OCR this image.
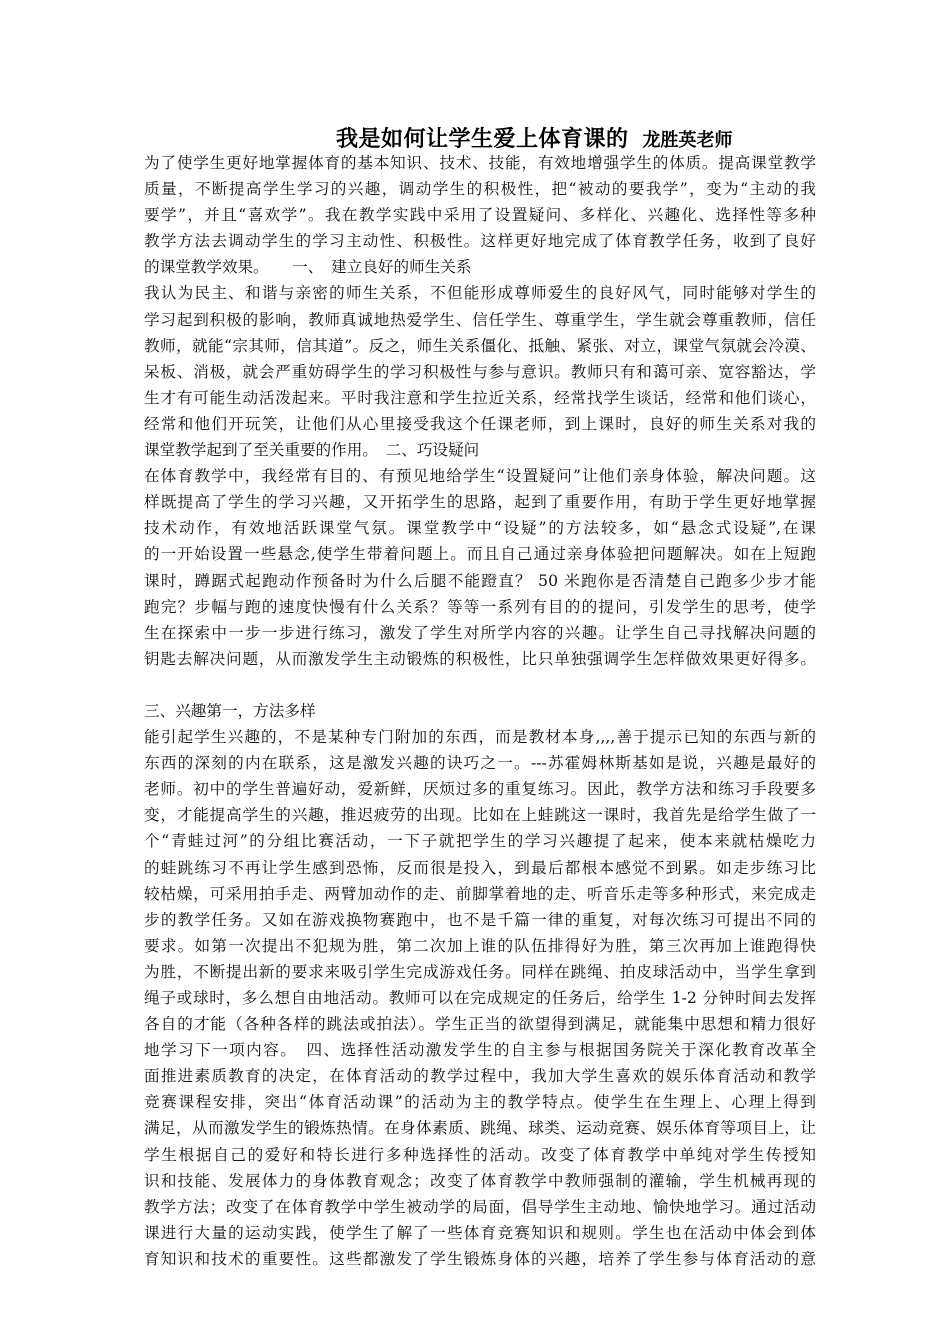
我是如何让学生爱上体育课的 龙胜英老师
为了使学生更好地掌握体育的基本知识、技术、技能，有效地增强学生的体质。提高课堂教学
质量，不断提高学生学习的兴趣，调动学生的积极性，把“被动的要我学”，变为“主动的我
要学”，并且“喜欢学”。我在教学实践中采用了设置疑问、多样化、兴趣化、选择性等多种
教学方法去调动学生的学习主动性、积极性。这样更好地完成了体育教学任务，收到了良好
的课堂教学效果。　　一、　建立良好的师生关系
我认为民主、和谐与亲密的师生关系，不但能形成尊师爱生的良好风气，同时能够对学生的
学习起到积极的影响，教师真诚地热爱学生、信任学生、尊重学生，学生就会尊重教师，信任
教师，就能“宗其师，信其道”。反之，师生关系僵化、抵触、紧张、对立，课堂气氛就会冷漠、
呆板、消极，就会严重妨碍学生的学习积极性与参与意识。教师只有和蔼可亲、宽容豁达，学
生才有可能生动活泼起来。平时我注意和学生拉近关系，经常找学生谈话，经常和他们谈心，
经常和他们开玩笑，让他们从心里接受我这个任课老师，到上课时，良好的师生关系对我的
课堂教学起到了至关重要的作用。　二、巧设疑问
在体育教学中，我经常有目的、有预见地给学生“设置疑问”让他们亲身体验，解决问题。这
样既提高了学生的学习兴趣，又开拓学生的思路，起到了重要作用，有助于学生更好地掌握
技术动作，有效地活跃课堂气氛。课堂教学中“设疑”的方法较多，如“悬念式设疑”,在课
的一开始设置一些悬念,使学生带着问题上。而且自己通过亲身体验把问题解决。如在上短跑
课时，蹲踞式起跑动作预备时为什么后腿不能蹬直？ 50 米跑你是否清楚自己跑多少步才能
跑完？步幅与跑的速度快慢有什么关系？等等一系列有目的的提问，引发学生的思考，使学
生在探索中一步一步进行练习，激发了学生对所学内容的兴趣。让学生自己寻找解决问题的
钥匙去解决问题，从而激发学生主动锻炼的积极性，比只单独强调学生怎样做效果更好得多。
三、兴趣第一，方法多样
能引起学生兴趣的，不是某种专门附加的东西，而是教材本身,,,,善于提示已知的东西与新的
东西的深刻的内在联系，这是激发兴趣的诀巧之一。---苏霍姆林斯基如是说，兴趣是最好的
老师。初中的学生普遍好动，爱新鲜，厌烦过多的重复练习。因此，教学方法和练习手段要多
变，才能提高学生的兴趣，推迟疲劳的出现。比如在上蛙跳这一课时，我首先是给学生做了一
个“青蛙过河”的分组比赛活动，一下子就把学生的学习兴趣提了起来，使本来就枯燥吃力
的蛙跳练习不再让学生感到恐怖，反而很是投入，到最后都根本感觉不到累。如走步练习比
较枯燥，可采用拍手走、两臂加动作的走、前脚掌着地的走、听音乐走等多种形式，来完成走
步的教学任务。又如在游戏换物赛跑中，也不是千篇一律的重复，对每次练习可提出不同的
要求。如第一次提出不犯规为胜，第二次加上谁的队伍排得好为胜，第三次再加上谁跑得快
为胜，不断提出新的要求来吸引学生完成游戏任务。同样在跳绳、拍皮球活动中，当学生拿到
绳子或球时，多么想自由地活动。教师可以在完成规定的任务后，给学生 1-2 分钟时间去发挥
各自的才能（各种各样的跳法或拍法）。学生正当的欲望得到满足，就能集中思想和精力很好
地学习下一项内容。　四、选择性活动激发学生的自主参与根据国务院关于深化教育改革全
面推进素质教育的决定，在体育活动的教学过程中，我加大学生喜欢的娱乐体育活动和教学
竞赛课程安排，突出“体育活动课”的活动为主的教学特点。使学生在生理上、心理上得到
满足，从而激发学生的锻炼热情。在身体素质、跳绳、球类、运动竞赛、娱乐体育等项目上，让
学生根据自己的爱好和特长进行多种选择性的活动。改变了体育教学中单纯对学生传授知
识和技能、发展体力的身体教育观念；改变了体育教学中教师强制的灌输，学生机械再现的
教学方法；改变了在体育教学中学生被动学的局面，倡导学生主动地、愉快地学习。通过活动
课进行大量的运动实践，使学生了解了一些体育竞赛知识和规则。学生也在活动中体会到体
育知识和技术的重要性。这些都激发了学生锻炼身体的兴趣，培养了学生参与体育活动的意
